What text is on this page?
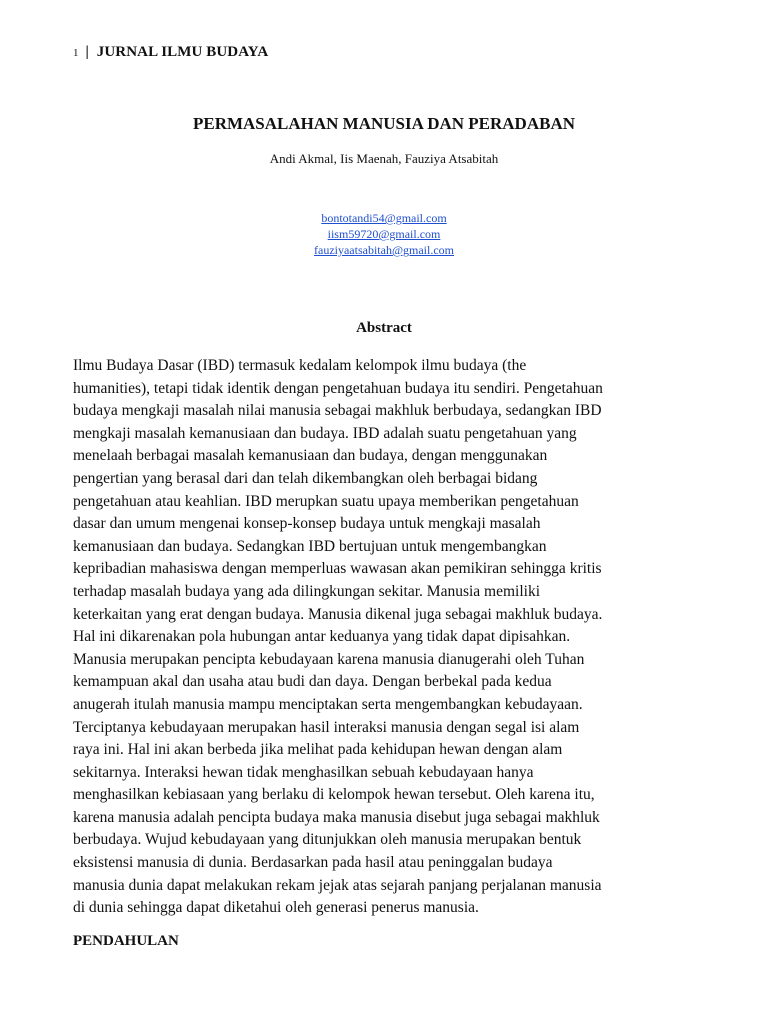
1 | JURNAL ILMU BUDAYA
PERMASALAHAN MANUSIA DAN PERADABAN
Andi Akmal, Iis Maenah, Fauziya Atsabitah
bontotandi54@gmail.com
iism59720@gmail.com
fauziyaatsabitah@gmail.com
Abstract

Ilmu Budaya Dasar (IBD) termasuk kedalam kelompok ilmu budaya (the
humanities), tetapi tidak identik dengan pengetahuan budaya itu sendiri. Pengetahuan
budaya mengkaji masalah nilai manusia sebagai makhluk berbudaya, sedangkan IBD
mengkaji masalah kemanusiaan dan budaya. IBD adalah suatu pengetahuan yang
menelaah berbagai masalah kemanusiaan dan budaya, dengan menggunakan
pengertian yang berasal dari dan telah dikembangkan oleh berbagai bidang
pengetahuan atau keahlian. IBD merupkan suatu upaya memberikan pengetahuan
dasar dan umum mengenai konsep-konsep budaya untuk mengkaji masalah
kemanusiaan dan budaya. Sedangkan IBD bertujuan untuk mengembangkan
kepribadian mahasiswa dengan memperluas wawasan akan pemikiran sehingga kritis
terhadap masalah budaya yang ada dilingkungan sekitar. Manusia memiliki
keterkaitan yang erat dengan budaya. Manusia dikenal juga sebagai makhluk budaya.
Hal ini dikarenakan pola hubungan antar keduanya yang tidak dapat dipisahkan.
Manusia merupakan pencipta kebudayaan karena manusia dianugerahi oleh Tuhan
kemampuan akal dan usaha atau budi dan daya. Dengan berbekal pada kedua
anugerah itulah manusia mampu menciptakan serta mengembangkan kebudayaan.
Terciptanya kebudayaan merupakan hasil interaksi manusia dengan segal isi alam
raya ini. Hal ini akan berbeda jika melihat pada kehidupan hewan dengan alam
sekitarnya. Interaksi hewan tidak menghasilkan sebuah kebudayaan hanya
menghasilkan kebiasaan yang berlaku di kelompok hewan tersebut. Oleh karena itu,
karena manusia adalah pencipta budaya maka manusia disebut juga sebagai makhluk
berbudaya. Wujud kebudayaan yang ditunjukkan oleh manusia merupakan bentuk
eksistensi manusia di dunia. Berdasarkan pada hasil atau peninggalan budaya
manusia dunia dapat melakukan rekam jejak atas sejarah panjang perjalanan manusia
di dunia sehingga dapat diketahui oleh generasi penerus manusia.

PENDAHULAN
